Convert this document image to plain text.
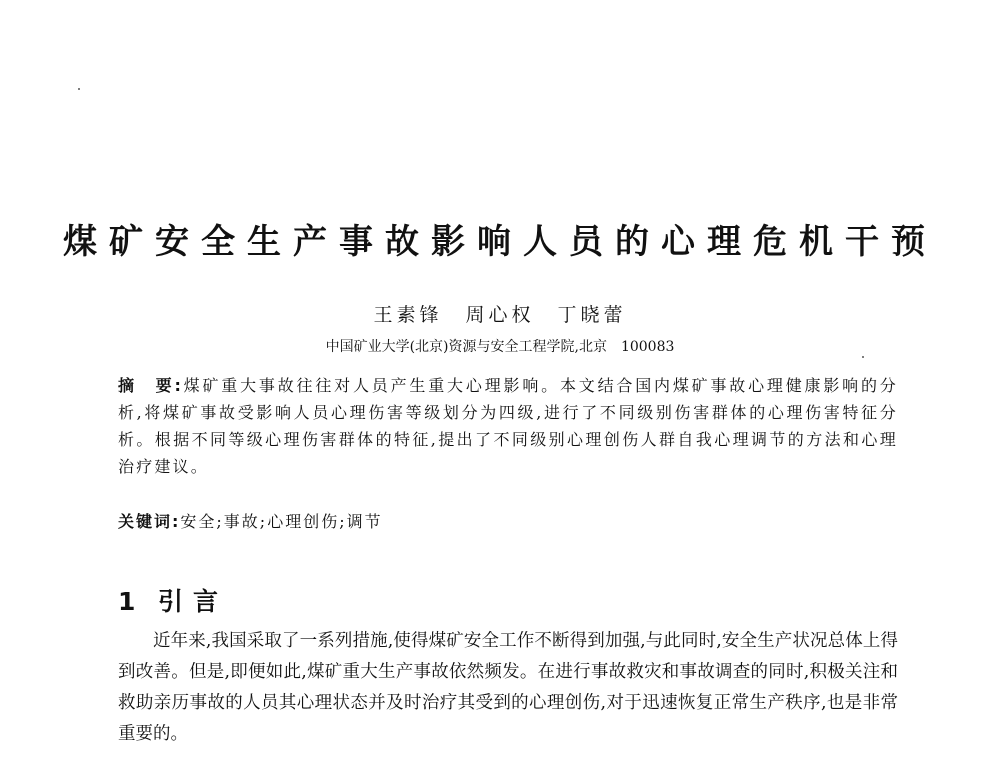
煤矿安全生产事故影响人员的心理危机干预
王素锋　周心权　丁晓蕾
中国矿业大学(北京)资源与安全工程学院,北京　100083
摘　要:煤矿重大事故往往对人员产生重大心理影响。本文结合国内煤矿事故心理健康影响的分析,将煤矿事故受影响人员心理伤害等级划分为四级,进行了不同级别伤害群体的心理伤害特征分析。根据不同等级心理伤害群体的特征,提出了不同级别心理创伤人群自我心理调节的方法和心理治疗建议。
关键词:安全;事故;心理创伤;调节
1 引言

近年来,我国采取了一系列措施,使得煤矿安全工作不断得到加强,与此同时,安全生产状况总体上得到改善。但是,即便如此,煤矿重大生产事故依然频发。在进行事故救灾和事故调查的同时,积极关注和救助亲历事故的人员其心理状态并及时治疗其受到的心理创伤,对于迅速恢复正常生产秩序,也是非常重要的。
